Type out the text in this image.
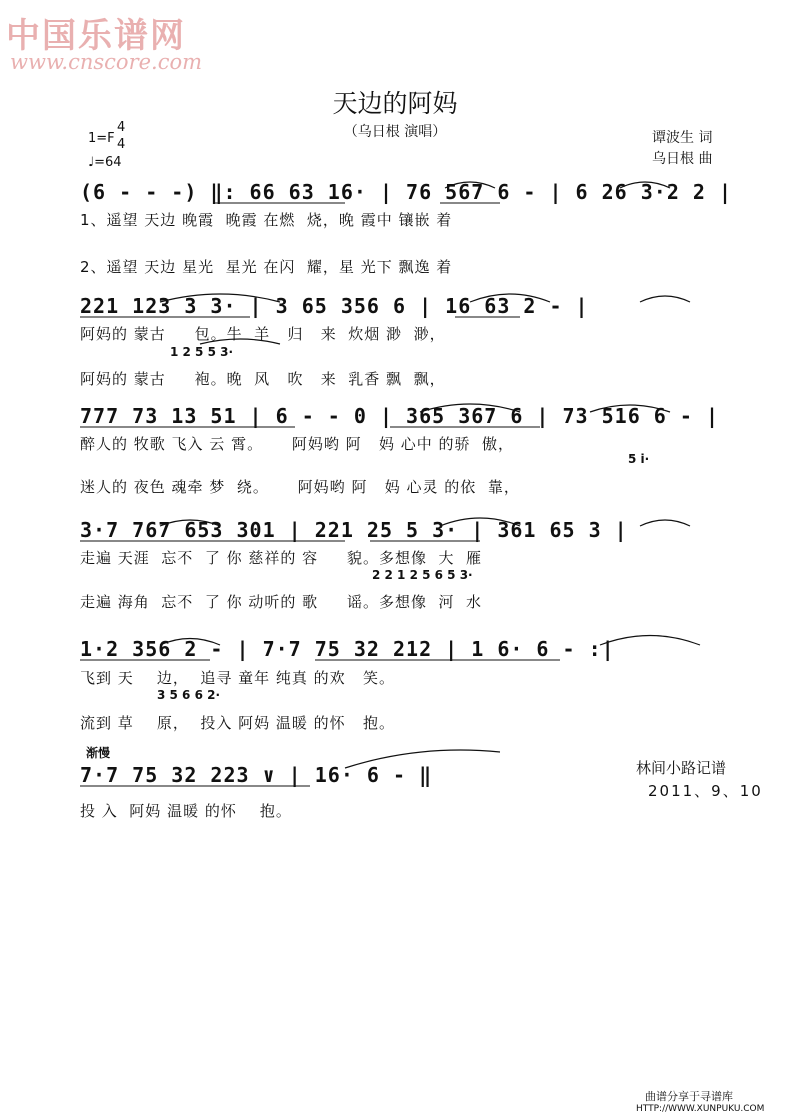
中国乐谱网
www.cnscore.com
天边的阿妈
（乌日根 演唱）
1=F
4
4
♩=64
谭波生 词
乌日根 曲
(6 - - -) ‖: 66 63 16· | 76 567 6 - | 6 26 3·2 2 |
1、遥望 天边 晚霞  晚霞 在燃  烧，晚 霞中 镶嵌 着
2、遥望 天边 星光  星光 在闪  耀，星 光下 飘逸 着
221 123 3 3· | 3 65 356 6 | 16 63 2 - |
阿妈的 蒙古     包。牛  羊   归   来  炊烟 渺  渺，
1 2 5 5 3·
阿妈的 蒙古     袍。晚  风   吹   来  乳香 飘  飘，
777 73 13 51 | 6 - - 0 | 365 367 6 | 73 516 6 - |
醉人的 牧歌 飞入 云 霄。     阿妈哟 阿   妈 心中 的骄  傲，
5 i·
迷人的 夜色 魂牵 梦  绕。     阿妈哟 阿   妈 心灵 的依  靠，
3·7 767 653 301 | 221 25 5 3· | 361 65 3 |
走遍 天涯  忘不  了 你 慈祥的 容     貌。多想像  大  雁
2 2 1 2 5 6 5 3·
走遍 海角  忘不  了 你 动听的 歌     谣。多想像  河  水
1·2 356 2 - | 7·7 75 32 212 | 1 6· 6 - :|
飞到 天    边，  追寻 童年 纯真 的欢   笑。
3 5 6 6 2·
流到 草    原，  投入 阿妈 温暖 的怀   抱。
渐慢
7·7 75 32 223 ∨ | 16· 6 - ‖
投 入  阿妈 温暖 的怀    抱。
林间小路记谱
2011、9、10
曲谱分享于寻谱库
HTTP://WWW.XUNPUKU.COM
